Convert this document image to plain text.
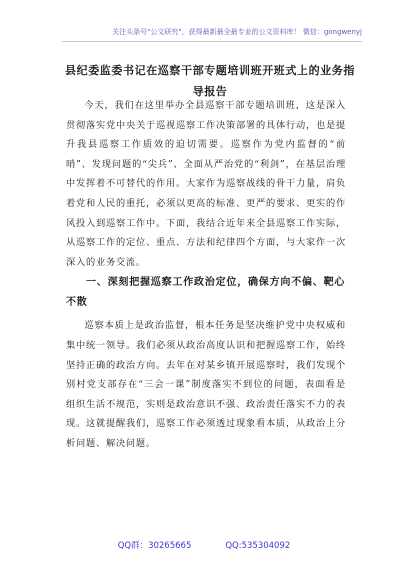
关注头条号"公文研究"，获得最新最全最专业的公文资料库！ 微信：gongwenyj
县纪委监委书记在巡察干部专题培训班开班式上的业务指导报告

今天，我们在这里举办全县巡察干部专题培训班，这是深入贯彻落实党中央关于巡视巡察工作决策部署的具体行动，也是提升我县巡察工作质效的迫切需要。巡察作为党内监督的“前哨”、发现问题的“尖兵”、全面从严治党的“利剑”，在基层治理中发挥着不可替代的作用。大家作为巡察战线的骨干力量，肩负着党和人民的重托，必须以更高的标准、更严的要求、更实的作风投入到巡察工作中。下面，我结合近年来全县巡察工作实际，从巡察工作的定位、重点、方法和纪律四个方面，与大家作一次深入的业务交流。

一、深刻把握巡察工作政治定位，确保方向不偏、靶心不散

巡察本质上是政治监督，根本任务是坚决维护党中央权威和集中统一领导。我们必须从政治高度认识和把握巡察工作，始终坚持正确的政治方向。去年在对某乡镇开展巡察时，我们发现个别村党支部存在“三会一课”制度落实不到位的问题，表面看是组织生活不规范，实则是政治意识不强、政治责任落实不力的表现。这就提醒我们，巡察工作必须透过现象看本质，从政治上分析问题、解决问题。

QQ群：30265665	QQ:535304092
